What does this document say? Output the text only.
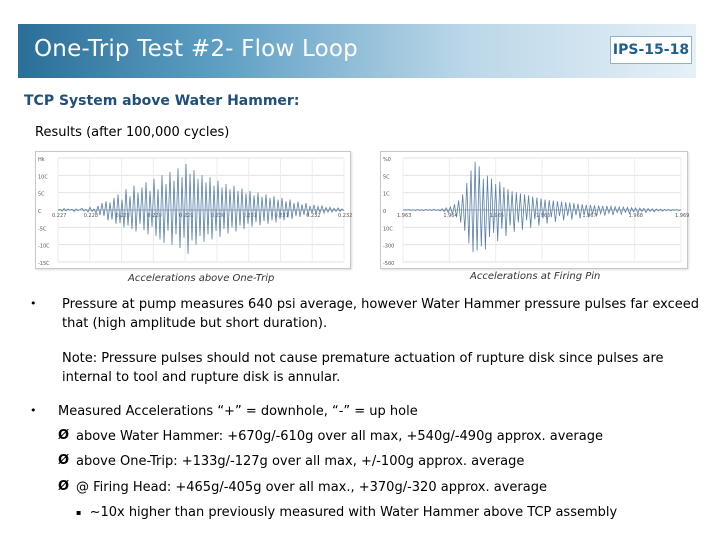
One-Trip Test #2- Flow Loop	IPS-15-18
TCP System above Water Hammer:
Results (after 100,000 cycles)
Hk
10C
5C
C
-5C
-10C
-15C
0.227	0.228	0.228	0.229	0.229	0.230	0.231	0.231	0.232	0.232
Accelerations above One-Trip
%0
5C
1C
0
10C
-300
-500
1.963	1.964	1.965	1.966	1.967	1.968	1.969
Accelerations at Firing Pin
• Pressure at pump measures 640 psi average, however Water Hammer pressure pulses far exceed that (high amplitude but short duration).
Note: Pressure pulses should not cause premature actuation of rupture disk since pulses are internal to tool and rupture disk is annular.
• Measured Accelerations “+” = downhole, “-” = up hole
Ø above Water Hammer: +670g/-610g over all max, +540g/-490g approx. average
Ø above One-Trip: +133g/-127g over all max, +/-100g approx. average
Ø @ Firing Head: +465g/-405g over all max., +370g/-320 approx. average
▪ ~10x higher than previously measured with Water Hammer above TCP assembly
